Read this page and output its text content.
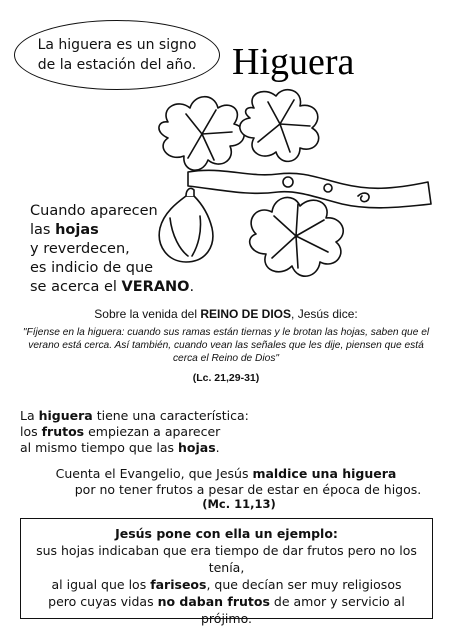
La higuera es un signo
de la estación del año. Higuera
Cuando aparecen
las hojas
y reverdecen,
es indicio de que
se acerca el VERANO.
Sobre la venida del REINO DE DIOS, Jesús dice:
"Fíjense en la higuera: cuando sus ramas están tiernas y le brotan las hojas, saben que el verano está cerca. Así también, cuando vean las señales que les dije, piensen que está cerca el Reino de Dios"
(Lc. 21,29-31)
La higuera tiene una característica:
los frutos empiezan a aparecer
al mismo tiempo que las hojas.
Cuenta el Evangelio, que Jesús maldice una higuera
por no tener frutos a pesar de estar en época de higos.
(Mc. 11,13)
Jesús pone con ella un ejemplo:
sus hojas indicaban que era tiempo de dar frutos pero no los tenía,
al igual que los fariseos, que decían ser muy religiosos
pero cuyas vidas no daban frutos de amor y servicio al prójimo.
